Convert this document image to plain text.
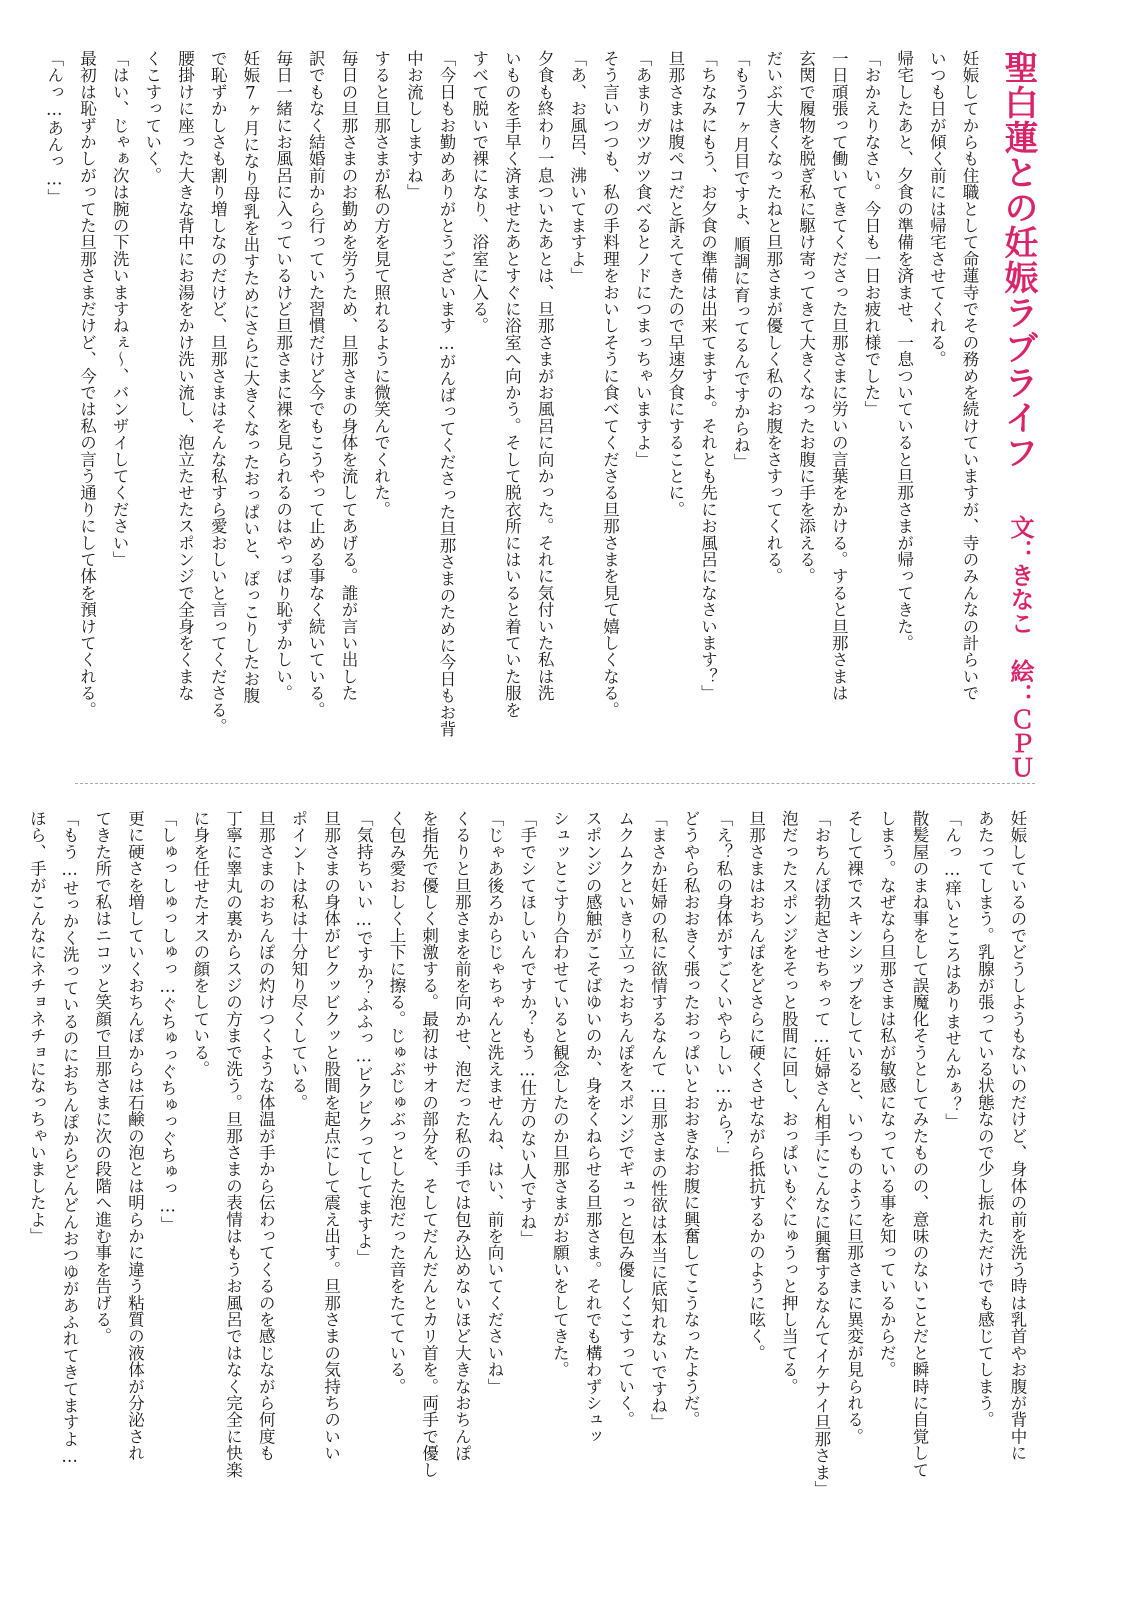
聖白蓮との妊娠ラブライフ
文：きなこ　絵：ＣＰＵ

妊娠してからも住職として命蓮寺でその務めを続けていますが、寺のみんなの計らいで

いつも日が傾く前には帰宅させてくれる。

帰宅したあと、夕食の準備を済ませ、一息ついていると旦那さまが帰ってきた。

「おかえりなさい。今日も一日お疲れ様でした」

一日頑張って働いてきてくださった旦那さまに労いの言葉をかける。すると旦那さまは

玄関で履物を脱ぎ私に駆け寄ってきて大きくなったお腹に手を添える。

だいぶ大きくなったねと旦那さまが優しく私のお腹をさすってくれる。

「もう7ヶ月目ですよ、順調に育ってるんですからね」

「ちなみにもう、お夕食の準備は出来てますよ。それとも先にお風呂になさいます？」

旦那さまは腹ペコだと訴えてきたので早速夕食にすることに。

「あまりガツガツ食べるとノドにつまっちゃいますよ」

そう言いつつも、私の手料理をおいしそうに食べてくださる旦那さまを見て嬉しくなる。

「あ、お風呂、沸いてますよ」

夕食も終わり一息ついたあとは、旦那さまがお風呂に向かった。それに気付いた私は洗

いものを手早く済ませたあとすぐに浴室へ向かう。そして脱衣所にはいると着ていた服を

すべて脱いで裸になり、浴室に入る。

「今日もお勤めありがとうございます…がんばってくださった旦那さまのために今日もお背

中お流ししますね」

すると旦那さまが私の方を見て照れるように微笑んでくれた。

毎日の旦那さまのお勤めを労うため、旦那さまの身体を流してあげる。誰が言い出した

訳でもなく結婚前から行っていた習慣だけど今でもこうやって止める事なく続いている。

毎日一緒にお風呂に入っているけど旦那さまに裸を見られるのはやっぱり恥ずかしい。

妊娠7ヶ月になり母乳を出すためにさらに大きくなったおっぱいと、ぽっこりしたお腹

で恥ずかしさも割り増しなのだけど、旦那さまはそんな私すら愛おしいと言ってくださる。

腰掛けに座った大きな背中にお湯をかけ洗い流し、泡立たせたスポンジで全身をくまな

くこすっていく。

「はい、じゃぁ次は腕の下洗いますねぇ～、バンザイしてください」

最初は恥ずかしがってた旦那さまだけど、今では私の言う通りにして体を預けてくれる。

「んっ…あんっ…」

妊娠しているのでどうしようもないのだけど、身体の前を洗う時は乳首やお腹が背中に

あたってしまう。乳腺が張っている状態なので少し振れただけでも感じてしまう。

「んっ…痒いところはありませんかぁ？」

散髪屋のまね事をして誤魔化そうとしてみたものの、意味のないことだと瞬時に自覚して

しまう。なぜなら旦那さまは私が敏感になっている事を知っているからだ。

そして裸でスキンシップをしていると、いつものように旦那さまに異変が見られる。

「おちんぽ勃起させちゃって…妊婦さん相手にこんなに興奮するなんてイケナイ旦那さま」

泡だったスポンジをそっと股間に回し、おっぱいもぐにゅうっと押し当てる。

旦那さまはおちんぽをどさらに硬くさせながら抵抗するかのように呟く。

「え？私の身体がすごくいやらしい…から？」

どうやら私おおきく張ったおっぱいとおおきなお腹に興奮してこうなったようだ。

「まさか妊婦の私に欲情するなんて…旦那さまの性欲は本当に底知れないですね」

ムクムクといきり立ったおちんぽをスポンジでギュっと包み優しくこすっていく。

スポンジの感触がこそばゆいのか、身をくねらせる旦那さま。それでも構わずシュッ

シュッとこすり合わせていると観念したのか旦那さまがお願いをしてきた。

「手でシてほしいんですか？もう…仕方のない人ですね」

「じゃあ後ろからじゃちゃんと洗えませんね、はい、前を向いてくださいね」

くるりと旦那さまを前を向かせ、泡だった私の手では包み込めないほど大きなおちんぽ

を指先で優しく刺激する。最初はサオの部分を、そしてだんだんとカリ首を。両手で優し

く包み愛おしく上下に擦る。じゅぶじゅぶっとした泡だった音をたてている。

「気持ちいい…ですか？ふふっ…ビクビクってしてますよ」

旦那さまの身体がビクッビクッと股間を起点にして震え出す。旦那さまの気持ちのいい

ポイントは私は十分知り尽くしている。

旦那さまのおちんぽの灼けつくような体温が手から伝わってくるのを感じながら何度も

丁寧に睾丸の裏からスジの方まで洗う。旦那さまの表情はもうお風呂ではなく完全に快楽

に身を任せたオスの顔をしている。

「しゅっしゅっしゅっ…ぐちゅっぐちゅっぐちゅっ…」

更に硬さを増していくおちんぽからは石鹸の泡とは明らかに違う粘質の液体が分泌され

てきた所で私はニコッと笑顔で旦那さまに次の段階へ進む事を告げる。

「もう…せっかく洗っているのにおちんぽからどんどんおつゆがあふれてきてますよ…

ほら、手がこんなにネチョネチョになっちゃいましたよ」
